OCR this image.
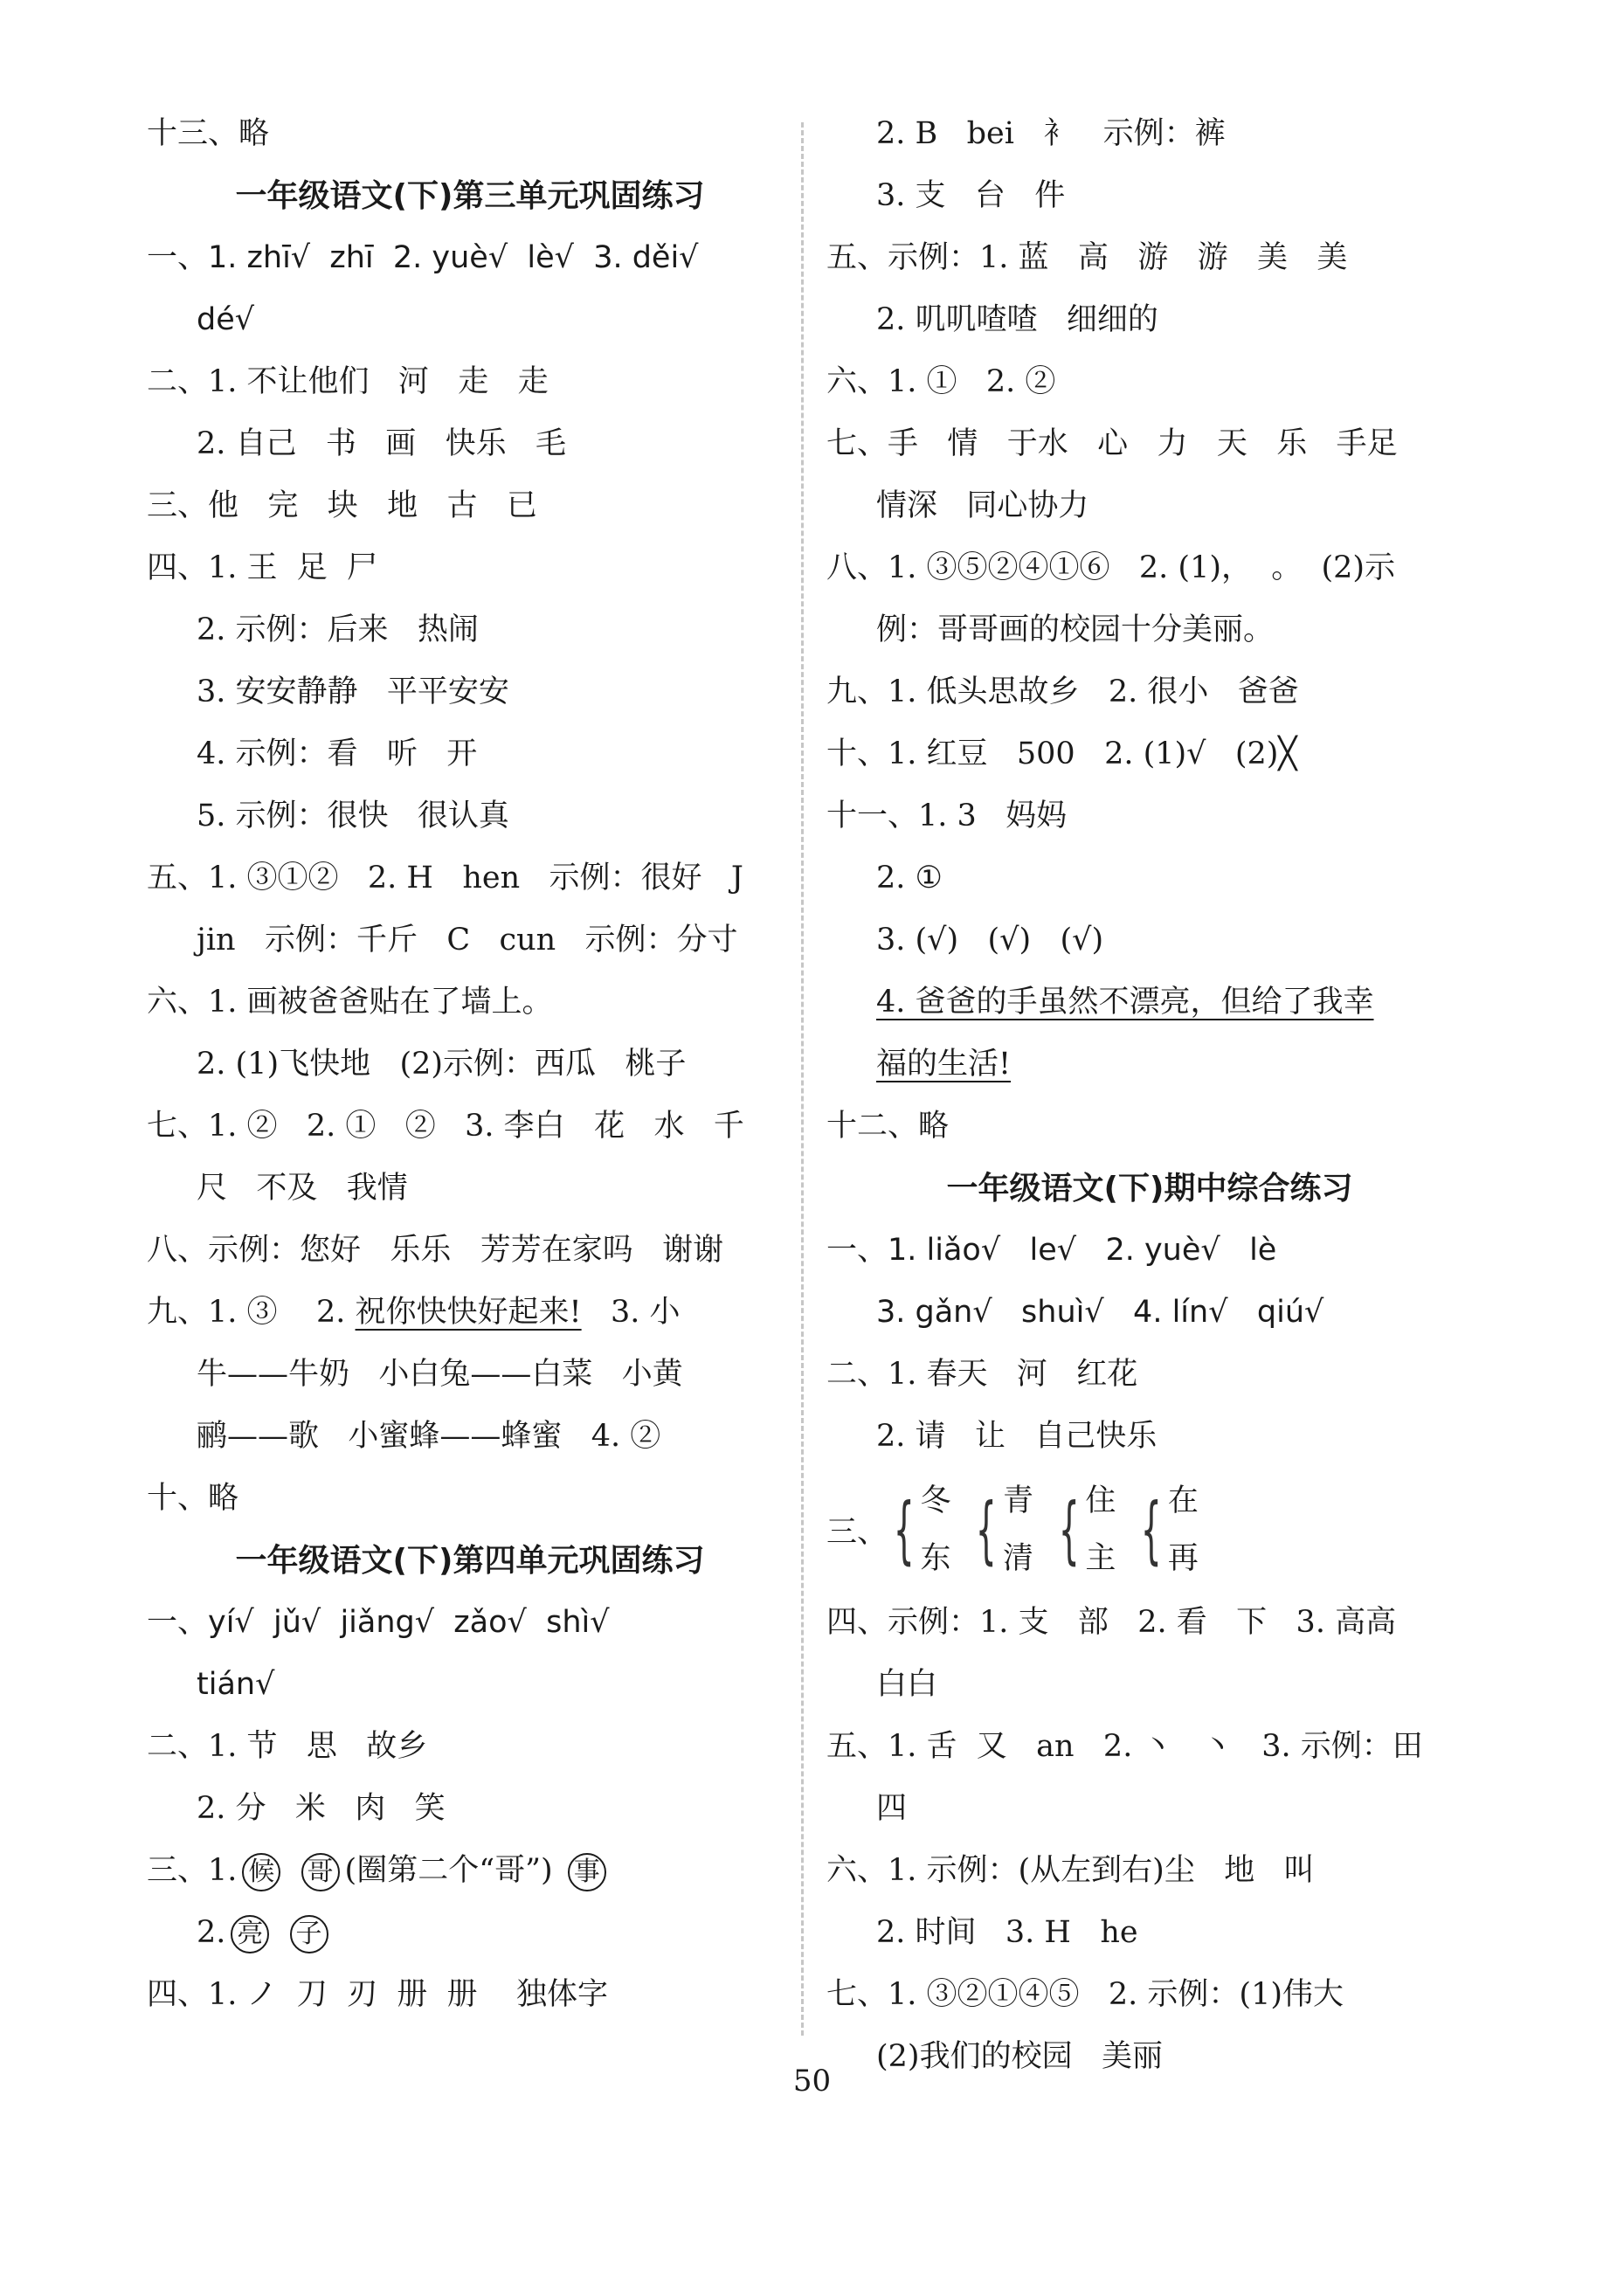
十三、略
一年级语文(下)第三单元巩固练习
一、1. zhī√  zhī  2. yuè√  lè√  3. děi√
dé√
二、1. 不让他们   河   走   走
2. 自己   书   画   快乐   毛
三、他   完   块   地   古   已
四、1. 王  足  尸
2. 示例：后来   热闹
3. 安安静静   平平安安
4. 示例：看   听   开
5. 示例：很快   很认真
五、1. ③①②   2. H   hen   示例：很好   J
jin   示例：千斤   C   cun   示例：分寸
六、1. 画被爸爸贴在了墙上。
2. (1)飞快地   (2)示例：西瓜   桃子
七、1. ②   2. ①   ②   3. 李白   花   水   千
尺   不及   我情
八、示例：您好   乐乐   芳芳在家吗   谢谢
九、1. ③    2. 祝你快快好起来!   3. 小
牛——牛奶   小白兔——白菜   小黄
鹂——歌   小蜜蜂——蜂蜜   4. ②
十、略
一年级语文(下)第四单元巩固练习
一、yí√  jǔ√  jiǎng√  zǎo√  shì√
tián√
二、1. 节   思   故乡
2. 分   米   肉   笑
三、1. 候 哥 (圈第二个“哥”) 事
2. 亮 子
四、1. ノ  刀  刃  册  册    独体字
2. B   bei   衤   示例：裤
3. 支   台   件
五、示例：1. 蓝   高   游   游   美   美
2. 叽叽喳喳   细细的
六、1. ①   2. ②
七、手   情   于水   心   力   天   乐   手足
情深   同心协力
八、1. ③⑤②④①⑥   2. (1)，  。  (2)示
例：哥哥画的校园十分美丽。
九、1. 低头思故乡   2. 很小   爸爸
十、1. 红豆   500   2. (1)√   (2)╳
十一、1. 3   妈妈
2. ①
3. (√)   (√)   (√)
4. 爸爸的手虽然不漂亮，但给了我幸
福的生活!
十二、略
一年级语文(下)期中综合练习
一、1. liǎo√   le√   2. yuè√   lè
3. gǎn√   shuì√   4. lín√   qiú√
二、1. 春天   河   红花
2. 请   让   自己快乐
三、 { 冬
东 { 青
清 { 住
主 { 在
再
四、示例：1. 支   部   2. 看   下   3. 高高
白白
五、1. 舌  又   an   2. 丶   丶   3. 示例：田
四
六、1. 示例：(从左到右)尘   地   叫
2. 时间   3. H   he
七、1. ③②①④⑤   2. 示例：(1)伟大
(2)我们的校园   美丽
50
